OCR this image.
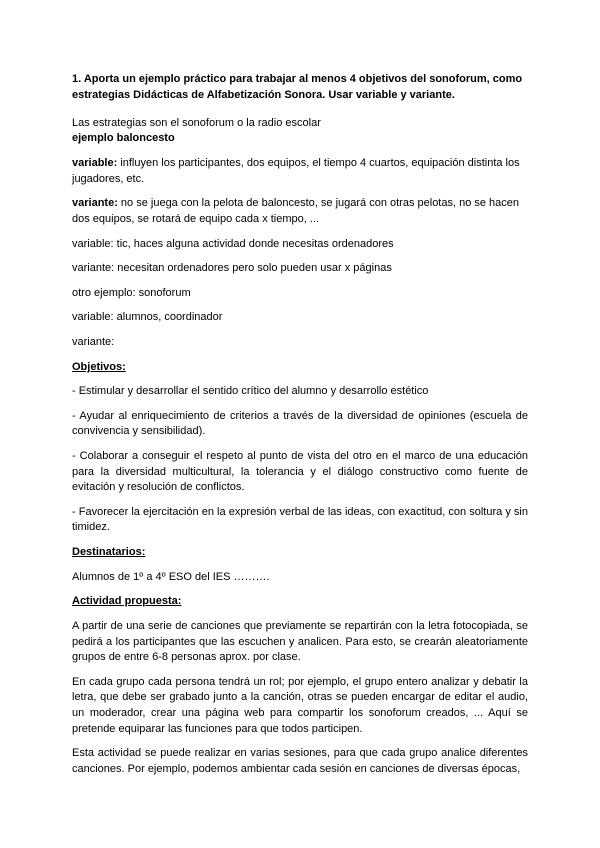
1. Aporta un ejemplo práctico para trabajar al menos 4 objetivos del sonoforum, como estrategias Didácticas de Alfabetización Sonora. Usar variable y variante.

Las estrategias son el sonoforum o la radio escolar

ejemplo baloncesto

variable: influyen los participantes, dos equipos, el tiempo 4 cuartos, equipación distinta los jugadores, etc.

variante: no se juega con la pelota de baloncesto, se jugará con otras pelotas, no se hacen dos equipos, se rotará de equipo cada x tiempo, ...

variable: tic, haces alguna actividad donde necesitas ordenadores

variante: necesitan ordenadores pero solo pueden usar x páginas

otro ejemplo: sonoforum

variable: alumnos, coordinador

variante:

Objetivos:

- Estimular y desarrollar el sentido crítico del alumno y desarrollo estético

- Ayudar al enriquecimiento de criterios a través de la diversidad de opiniones (escuela de convivencia y sensibilidad).

- Colaborar a conseguir el respeto al punto de vista del otro en el marco de una educación para la diversidad multicultural, la tolerancia y el diálogo constructivo como fuente de evitación y resolución de conflictos.

- Favorecer la ejercitación en la expresión verbal de las ideas, con exactitud, con soltura y sin timidez.

Destinatarios:

Alumnos de 1º a 4º ESO del IES ……….

Actividad propuesta:

A partir de una serie de canciones que previamente se repartirán con la letra fotocopiada, se pedirá a los participantes que las escuchen y analicen. Para esto, se crearán aleatoriamente grupos de entre 6-8 personas aprox. por clase.

En cada grupo cada persona tendrá un rol; por ejemplo, el grupo entero analizar y debatir la letra, que debe ser grabado junto a la canción, otras se pueden encargar de editar el audio, un moderador, crear una página web para compartir los sonoforum creados, ... Aquí se pretende equiparar las funciones para que todos participen.

Esta actividad se puede realizar en varias sesiones, para que cada grupo analice diferentes canciones. Por ejemplo, podemos ambientar cada sesión en canciones de diversas épocas,
